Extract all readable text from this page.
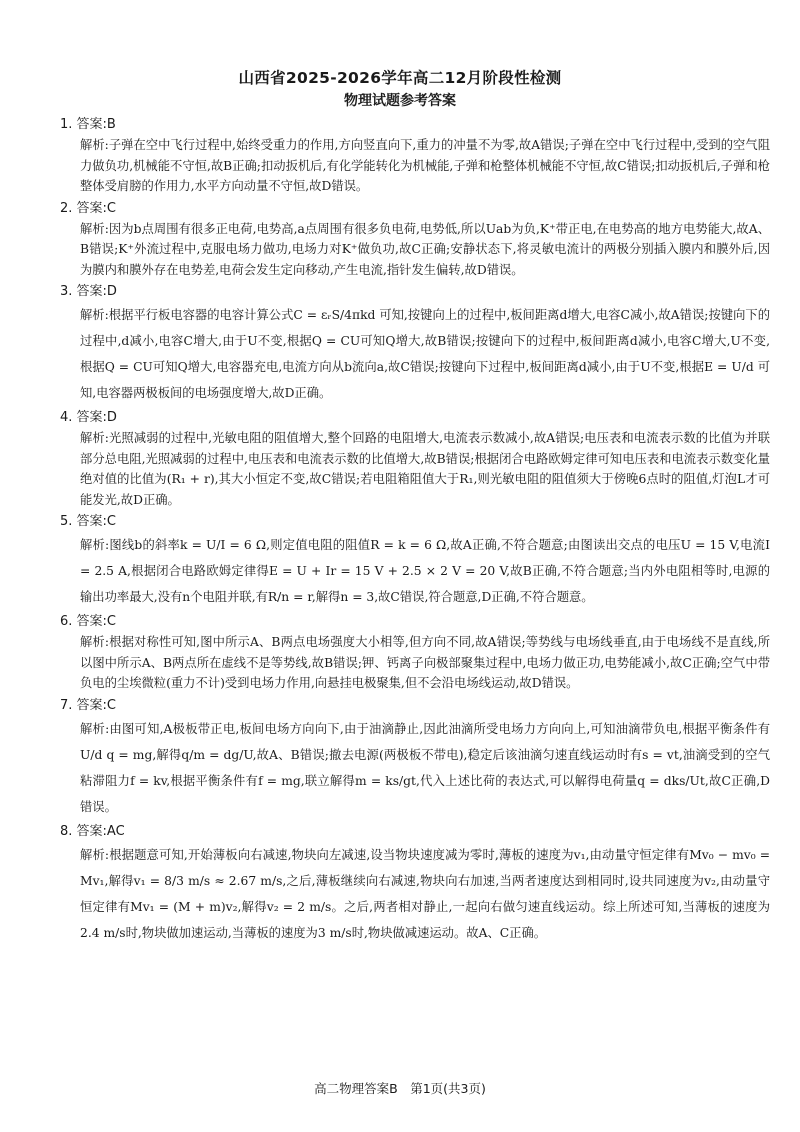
山西省2025-2026学年高二12月阶段性检测
物理试题参考答案
1. 答案:B

解析:子弹在空中飞行过程中,始终受重力的作用,方向竖直向下,重力的冲量不为零,故A错误;子弹在空中飞行过程中,受到的空气阻力做负功,机械能不守恒,故B正确;扣动扳机后,有化学能转化为机械能,子弹和枪整体机械能不守恒,故C错误;扣动扳机后,子弹和枪整体受肩膀的作用力,水平方向动量不守恒,故D错误。

2. 答案:C

解析:因为b点周围有很多正电荷,电势高,a点周围有很多负电荷,电势低,所以Uab为负,K⁺带正电,在电势高的地方电势能大,故A、B错误;K⁺外流过程中,克服电场力做功,电场力对K⁺做负功,故C正确;安静状态下,将灵敏电流计的两极分别插入膜内和膜外后,因为膜内和膜外存在电势差,电荷会发生定向移动,产生电流,指针发生偏转,故D错误。

3. 答案:D

解析:根据平行板电容器的电容计算公式C = εᵣS/4πkd 可知,按键向上的过程中,板间距离d增大,电容C减小,故A错误;按键向下的过程中,d减小,电容C增大,由于U不变,根据Q = CU可知Q增大,故B错误;按键向下的过程中,板间距离d减小,电容C增大,U不变,根据Q = CU可知Q增大,电容器充电,电流方向从b流向a,故C错误;按键向下过程中,板间距离d减小,由于U不变,根据E = U/d 可知,电容器两极板间的电场强度增大,故D正确。

4. 答案:D

解析:光照减弱的过程中,光敏电阻的阻值增大,整个回路的电阻增大,电流表示数减小,故A错误;电压表和电流表示数的比值为并联部分总电阻,光照减弱的过程中,电压表和电流表示数的比值增大,故B错误;根据闭合电路欧姆定律可知电压表和电流表示数变化量绝对值的比值为(R₁ + r),其大小恒定不变,故C错误;若电阻箱阻值大于R₁,则光敏电阻的阻值须大于傍晚6点时的阻值,灯泡L才可能发光,故D正确。

5. 答案:C

解析:图线b的斜率k = U/I = 6 Ω,则定值电阻的阻值R = k = 6 Ω,故A正确,不符合题意;由图读出交点的电压U = 15 V,电流I = 2.5 A,根据闭合电路欧姆定律得E = U + Ir = 15 V + 2.5 × 2 V = 20 V,故B正确,不符合题意;当内外电阻相等时,电源的输出功率最大,没有n个电阻并联,有R/n = r,解得n = 3,故C错误,符合题意,D正确,不符合题意。

6. 答案:C

解析:根据对称性可知,图中所示A、B两点电场强度大小相等,但方向不同,故A错误;等势线与电场线垂直,由于电场线不是直线,所以图中所示A、B两点所在虚线不是等势线,故B错误;钾、钙离子向极部聚集过程中,电场力做正功,电势能减小,故C正确;空气中带负电的尘埃微粒(重力不计)受到电场力作用,向悬挂电极聚集,但不会沿电场线运动,故D错误。

7. 答案:C

解析:由图可知,A极板带正电,板间电场方向向下,由于油滴静止,因此油滴所受电场力方向向上,可知油滴带负电,根据平衡条件有U/d q = mg,解得q/m = dg/U,故A、B错误;撤去电源(两极板不带电),稳定后该油滴匀速直线运动时有s = vt,油滴受到的空气粘滞阻力f = kv,根据平衡条件有f = mg,联立解得m = ks/gt,代入上述比荷的表达式,可以解得电荷量q = dks/Ut,故C正确,D错误。

8. 答案:AC

解析:根据题意可知,开始薄板向右减速,物块向左减速,设当物块速度减为零时,薄板的速度为v₁,由动量守恒定律有Mv₀ − mv₀ = Mv₁,解得v₁ = 8/3 m/s ≈ 2.67 m/s,之后,薄板继续向右减速,物块向右加速,当两者速度达到相同时,设共同速度为v₂,由动量守恒定律有Mv₁ = (M + m)v₂,解得v₂ = 2 m/s。之后,两者相对静止,一起向右做匀速直线运动。综上所述可知,当薄板的速度为2.4 m/s时,物块做加速运动,当薄板的速度为3 m/s时,物块做减速运动。故A、C正确。

高二物理答案B　第1页(共3页)
